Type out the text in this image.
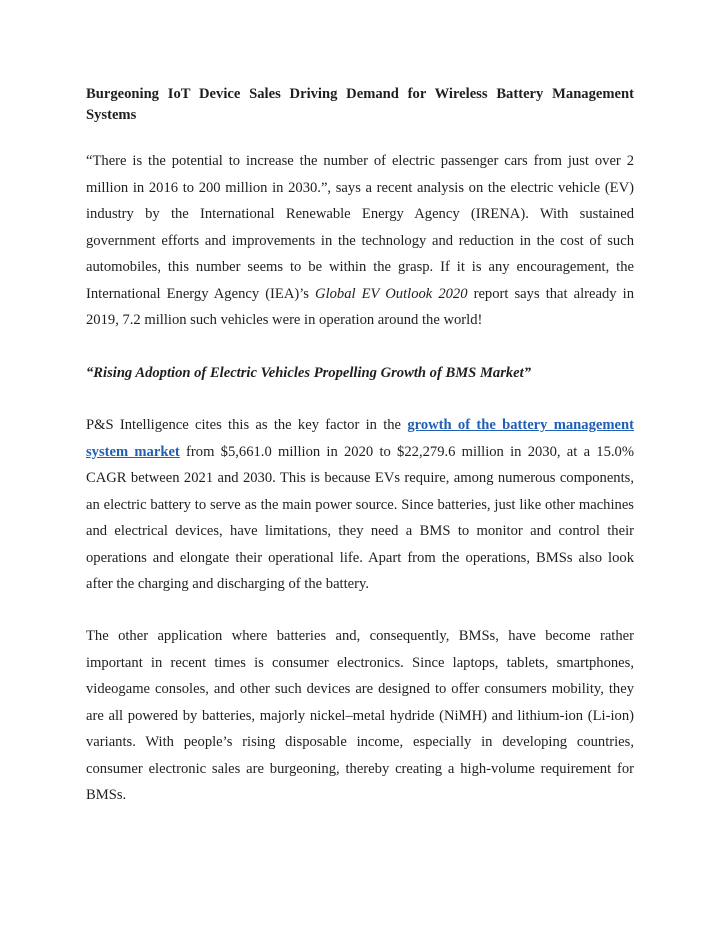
Burgeoning IoT Device Sales Driving Demand for Wireless Battery Management Systems

“There is the potential to increase the number of electric passenger cars from just over 2 million in 2016 to 200 million in 2030.”, says a recent analysis on the electric vehicle (EV) industry by the International Renewable Energy Agency (IRENA). With sustained government efforts and improvements in the technology and reduction in the cost of such automobiles, this number seems to be within the grasp. If it is any encouragement, the International Energy Agency (IEA)’s Global EV Outlook 2020 report says that already in 2019, 7.2 million such vehicles were in operation around the world!

“Rising Adoption of Electric Vehicles Propelling Growth of BMS Market”

P&S Intelligence cites this as the key factor in the growth of the battery management system market from $5,661.0 million in 2020 to $22,279.6 million in 2030, at a 15.0% CAGR between 2021 and 2030. This is because EVs require, among numerous components, an electric battery to serve as the main power source. Since batteries, just like other machines and electrical devices, have limitations, they need a BMS to monitor and control their operations and elongate their operational life. Apart from the operations, BMSs also look after the charging and discharging of the battery.

The other application where batteries and, consequently, BMSs, have become rather important in recent times is consumer electronics. Since laptops, tablets, smartphones, videogame consoles, and other such devices are designed to offer consumers mobility, they are all powered by batteries, majorly nickel–metal hydride (NiMH) and lithium-ion (Li-ion) variants. With people’s rising disposable income, especially in developing countries, consumer electronic sales are burgeoning, thereby creating a high-volume requirement for BMSs.
